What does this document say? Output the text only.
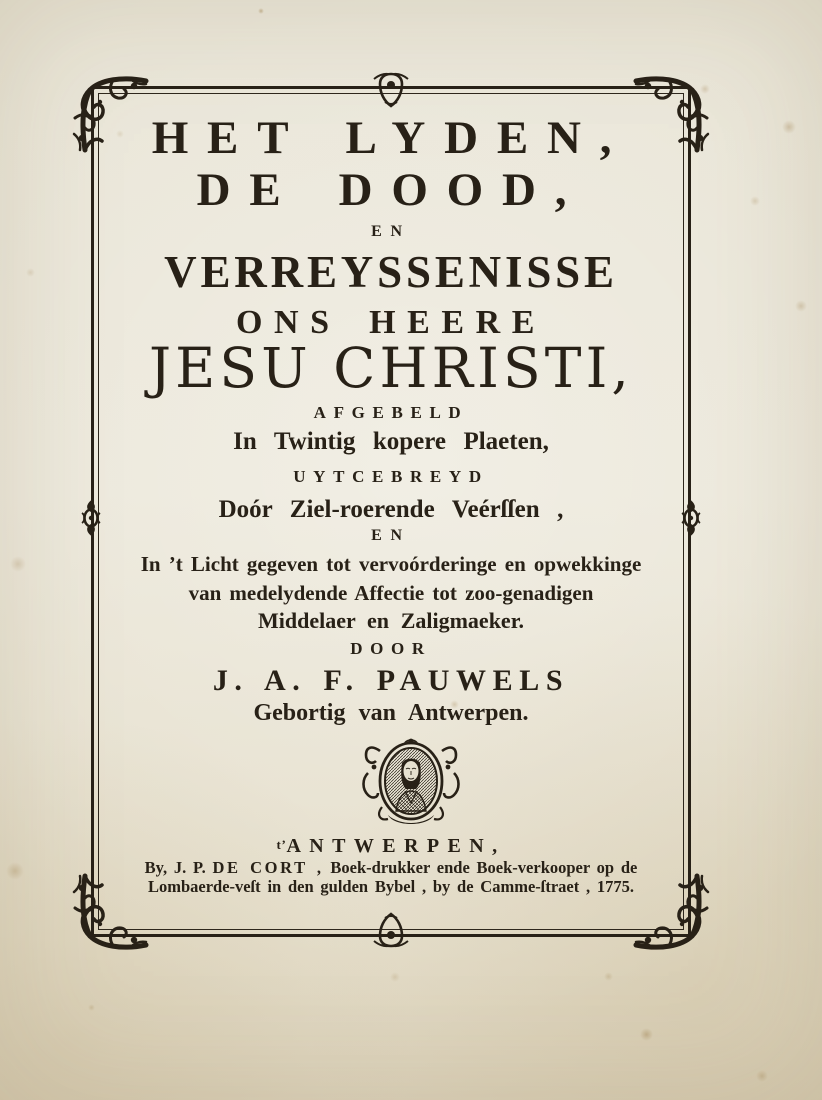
HET LYDEN,
DE DOOD,
EN
VERREYSSENISSE
ONS HEERE
JESU CHRISTI,
AFGEBELD
In Twintig kopere Plaeten,
UYTCEBREYD
Doór Ziel-roerende Veérſſen ,
EN
In ’t Licht gegeven tot vervoórderinge en opwekkinge
van medelydende Affectie tot zoo-genadigen
Middelaer en Zaligmaeker.
DOOR
J. A. F. PAUWELS
Gebortig van Antwerpen.
t’ANTWERPEN,
By, J. P. DE CORT , Boek-drukker ende Boek-verkooper op de
Lombaerde-veſt in den gulden Bybel , by de Camme-ſtraet , 1775.
